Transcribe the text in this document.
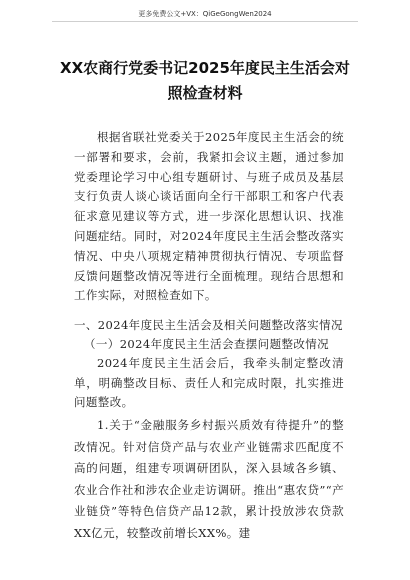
更多免费公文+VX：QiGeGongWen2024
XX农商行党委书记2025年度民主生活会对照检查材料

根据省联社党委关于2025年度民主生活会的统一部署和要求，会前，我紧扣会议主题，通过参加党委理论学习中心组专题研讨、与班子成员及基层支行负责人谈心谈话面向全行干部职工和客户代表征求意见建议等方式，进一步深化思想认识、找准问题症结。同时，对2024年度民主生活会整改落实情况、中央八项规定精神贯彻执行情况、专项监督反馈问题整改情况等进行全面梳理。现结合思想和工作实际，对照检查如下。

一、2024年度民主生活会及相关问题整改落实情况

（一）2024年度民主生活会查摆问题整改情况

2024年度民主生活会后，我牵头制定整改清单，明确整改目标、责任人和完成时限，扎实推进问题整改。

1.关于“金融服务乡村振兴质效有待提升”的整改情况。针对信贷产品与农业产业链需求匹配度不高的问题，组建专项调研团队，深入县域各乡镇、农业合作社和涉农企业走访调研。推出“惠农贷”“产业链贷”等特色信贷产品12款，累计投放涉农贷款XX亿元，较整改前增长XX%。建
